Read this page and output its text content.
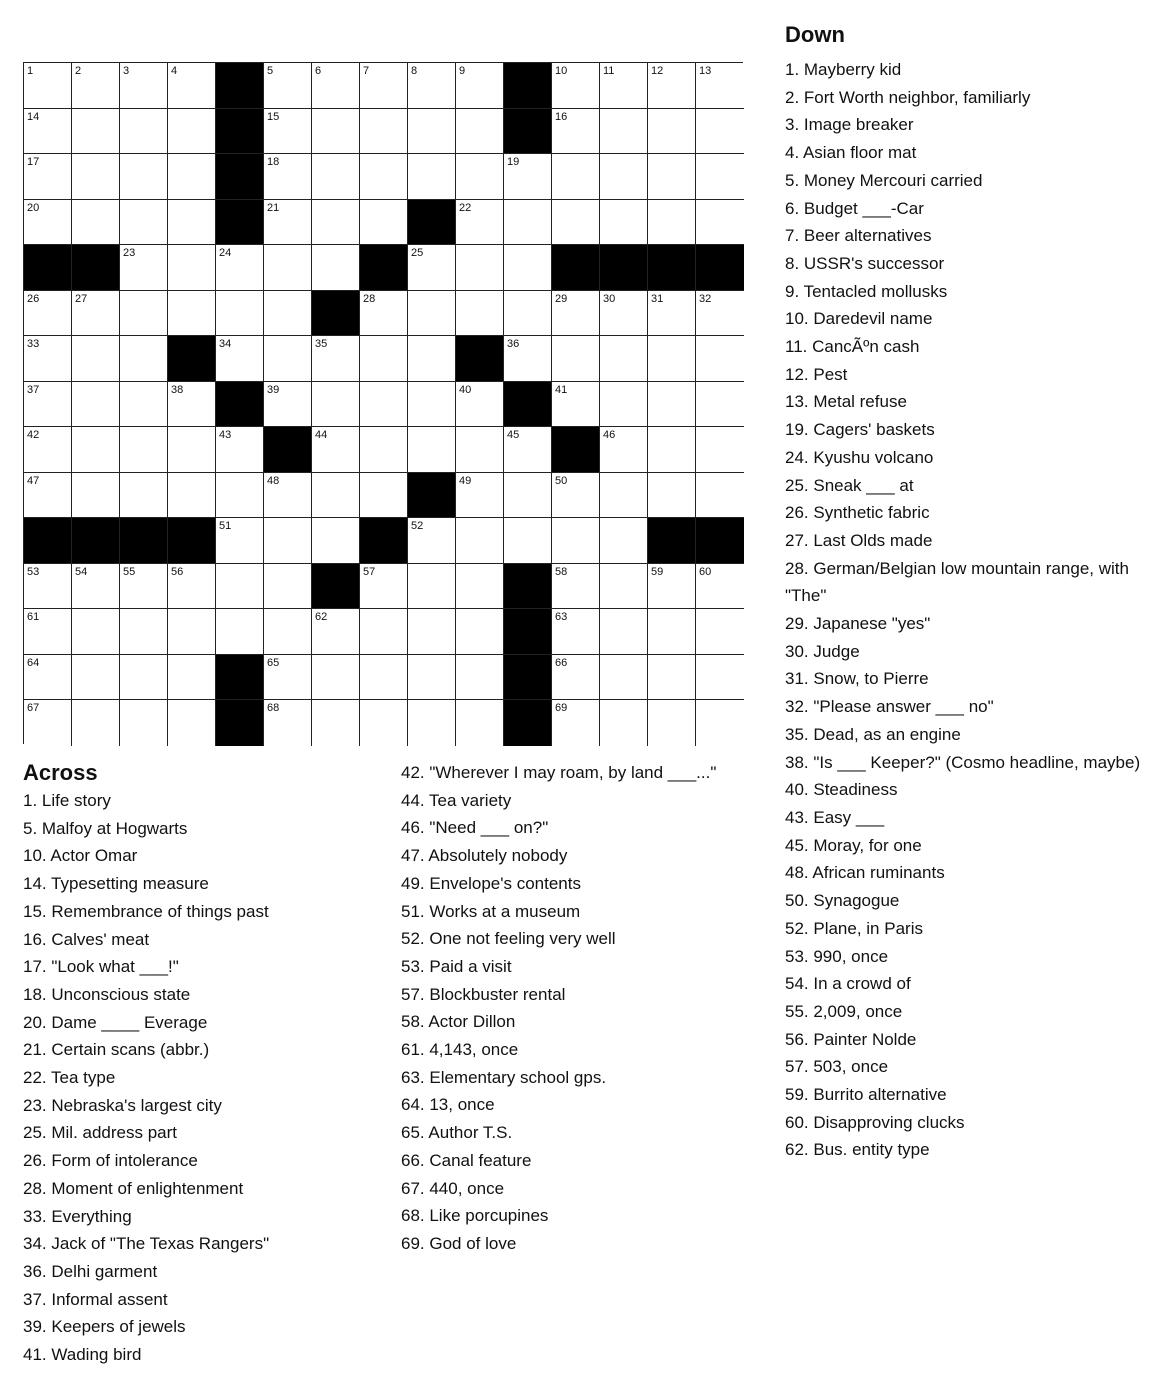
1	2	3	4	5	6	7	8	9	10	11	12	13
14	15	16
17	18	19
20	21	22
23	24	25
26	27	28	29	30	31	32
33	34	35	36
37	38	39	40	41
42	43	44	45	46
47	48	49	50
51	52
53	54	55	56	57	58	59	60
61	62	63
64	65	66
67	68	69
Down
1. Mayberry kid
2. Fort Worth neighbor, familiarly
3. Image breaker
4. Asian floor mat
5. Money Mercouri carried
6. Budget ___-Car
7. Beer alternatives
8. USSR's successor
9. Tentacled mollusks
10. Daredevil name
11. CancÃºn cash
12. Pest
13. Metal refuse
19. Cagers' baskets
24. Kyushu volcano
25. Sneak ___ at
26. Synthetic fabric
27. Last Olds made
28. German/Belgian low mountain range, with "The"
29. Japanese "yes"
30. Judge
31. Snow, to Pierre
32. "Please answer ___ no"
35. Dead, as an engine
38. "Is ___ Keeper?" (Cosmo headline, maybe)
40. Steadiness
43. Easy ___
45. Moray, for one
48. African ruminants
50. Synagogue
52. Plane, in Paris
53. 990, once
54. In a crowd of
55. 2,009, once
56. Painter Nolde
57. 503, once
59. Burrito alternative
60. Disapproving clucks
62. Bus. entity type
Across
1. Life story
5. Malfoy at Hogwarts
10. Actor Omar
14. Typesetting measure
15. Remembrance of things past
16. Calves' meat
17. "Look what ___!"
18. Unconscious state
20. Dame ____ Everage
21. Certain scans (abbr.)
22. Tea type
23. Nebraska's largest city
25. Mil. address part
26. Form of intolerance
28. Moment of enlightenment
33. Everything
34. Jack of "The Texas Rangers"
36. Delhi garment
37. Informal assent
39. Keepers of jewels
41. Wading bird
42. "Wherever I may roam, by land ___..."
44. Tea variety
46. "Need ___ on?"
47. Absolutely nobody
49. Envelope's contents
51. Works at a museum
52. One not feeling very well
53. Paid a visit
57. Blockbuster rental
58. Actor Dillon
61. 4,143, once
63. Elementary school gps.
64. 13, once
65. Author T.S.
66. Canal feature
67. 440, once
68. Like porcupines
69. God of love
